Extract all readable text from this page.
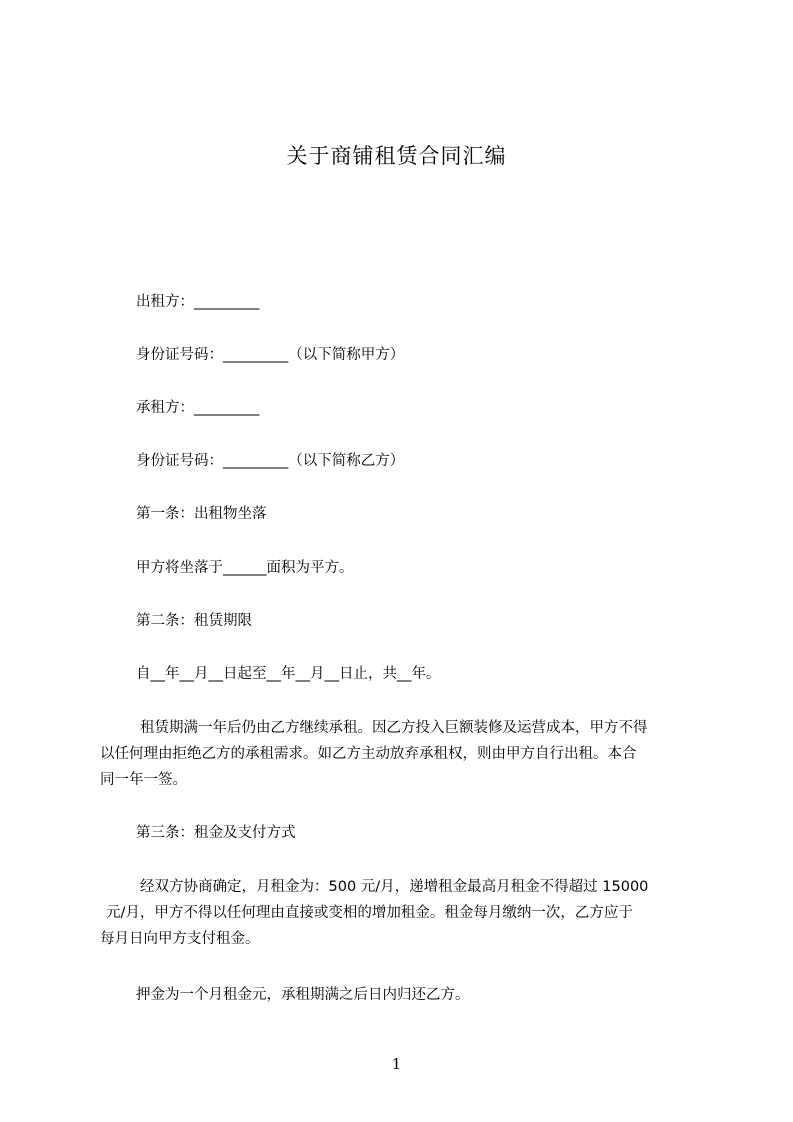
关于商铺租赁合同汇编
出租方：_________
身份证号码：_________（以下简称甲方）
承租方：_________
身份证号码：_________（以下简称乙方）
第一条：出租物坐落
甲方将坐落于______面积为平方。
第二条：租赁期限
自__年__月__日起至__年__月__日止，共__年。

租赁期满一年后仍由乙方继续承租。因乙方投入巨额装修及运营成本，甲方不得

以任何理由拒绝乙方的承租需求。如乙方主动放弃承租权，则由甲方自行出租。本合

同一年一签。

第三条：租金及支付方式

经双方协商确定，月租金为：500 元/月，递增租金最高月租金不得超过 15000

元/月，甲方不得以任何理由直接或变相的增加租金。租金每月缴纳一次，乙方应于

每月日向甲方支付租金。

押金为一个月租金元，承租期满之后日内归还乙方。
1
